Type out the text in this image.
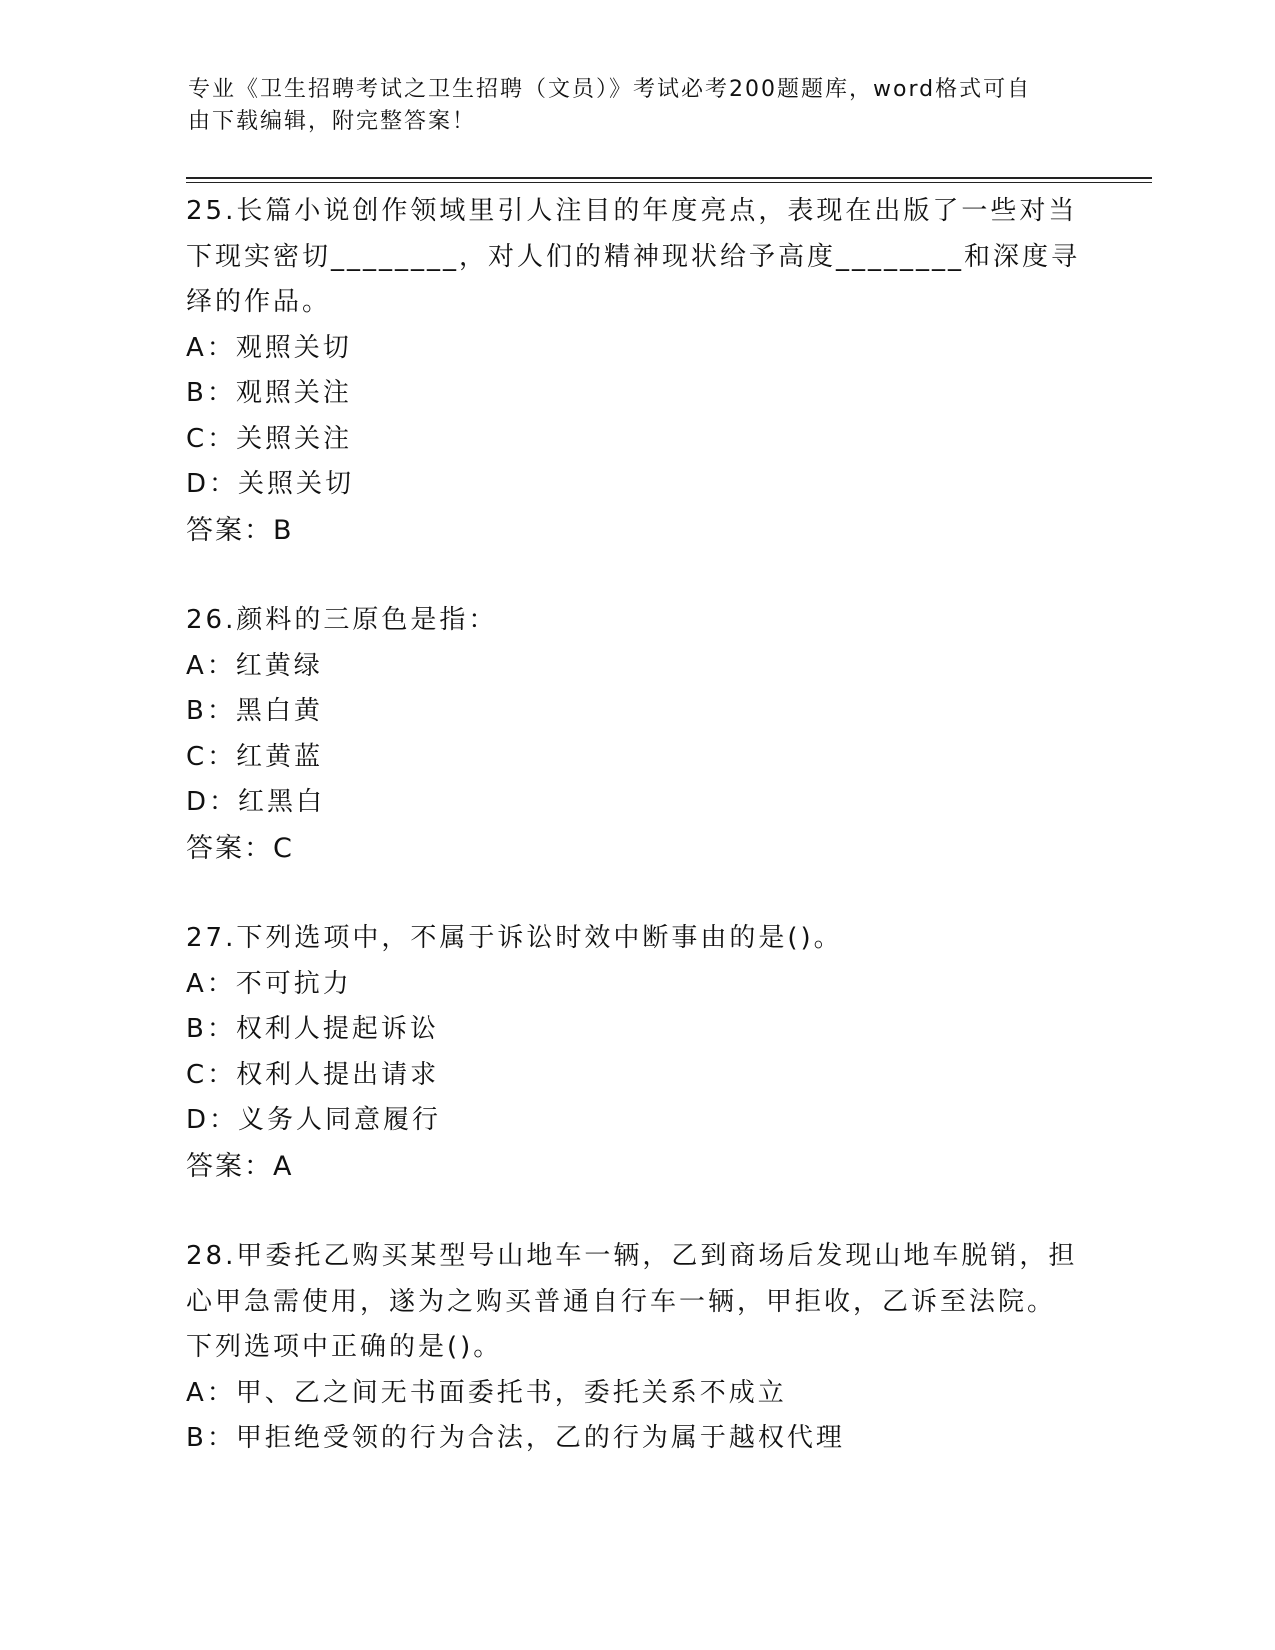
专业《卫生招聘考试之卫生招聘（文员）》考试必考200题题库，word格式可自
由下载编辑，附完整答案！
25.长篇小说创作领域里引人注目的年度亮点，表现在出版了一些对当
下现实密切________，对人们的精神现状给予高度________和深度寻
绎的作品。
A：观照关切
B：观照关注
C：关照关注
D：关照关切
答案：B
26.颜料的三原色是指：
A：红黄绿
B：黑白黄
C：红黄蓝
D：红黑白
答案：C
27.下列选项中，不属于诉讼时效中断事由的是()。
A：不可抗力
B：权利人提起诉讼
C：权利人提出请求
D：义务人同意履行
答案：A
28.甲委托乙购买某型号山地车一辆，乙到商场后发现山地车脱销，担
心甲急需使用，遂为之购买普通自行车一辆，甲拒收，乙诉至法院。
下列选项中正确的是()。
A：甲、乙之间无书面委托书，委托关系不成立
B：甲拒绝受领的行为合法，乙的行为属于越权代理
